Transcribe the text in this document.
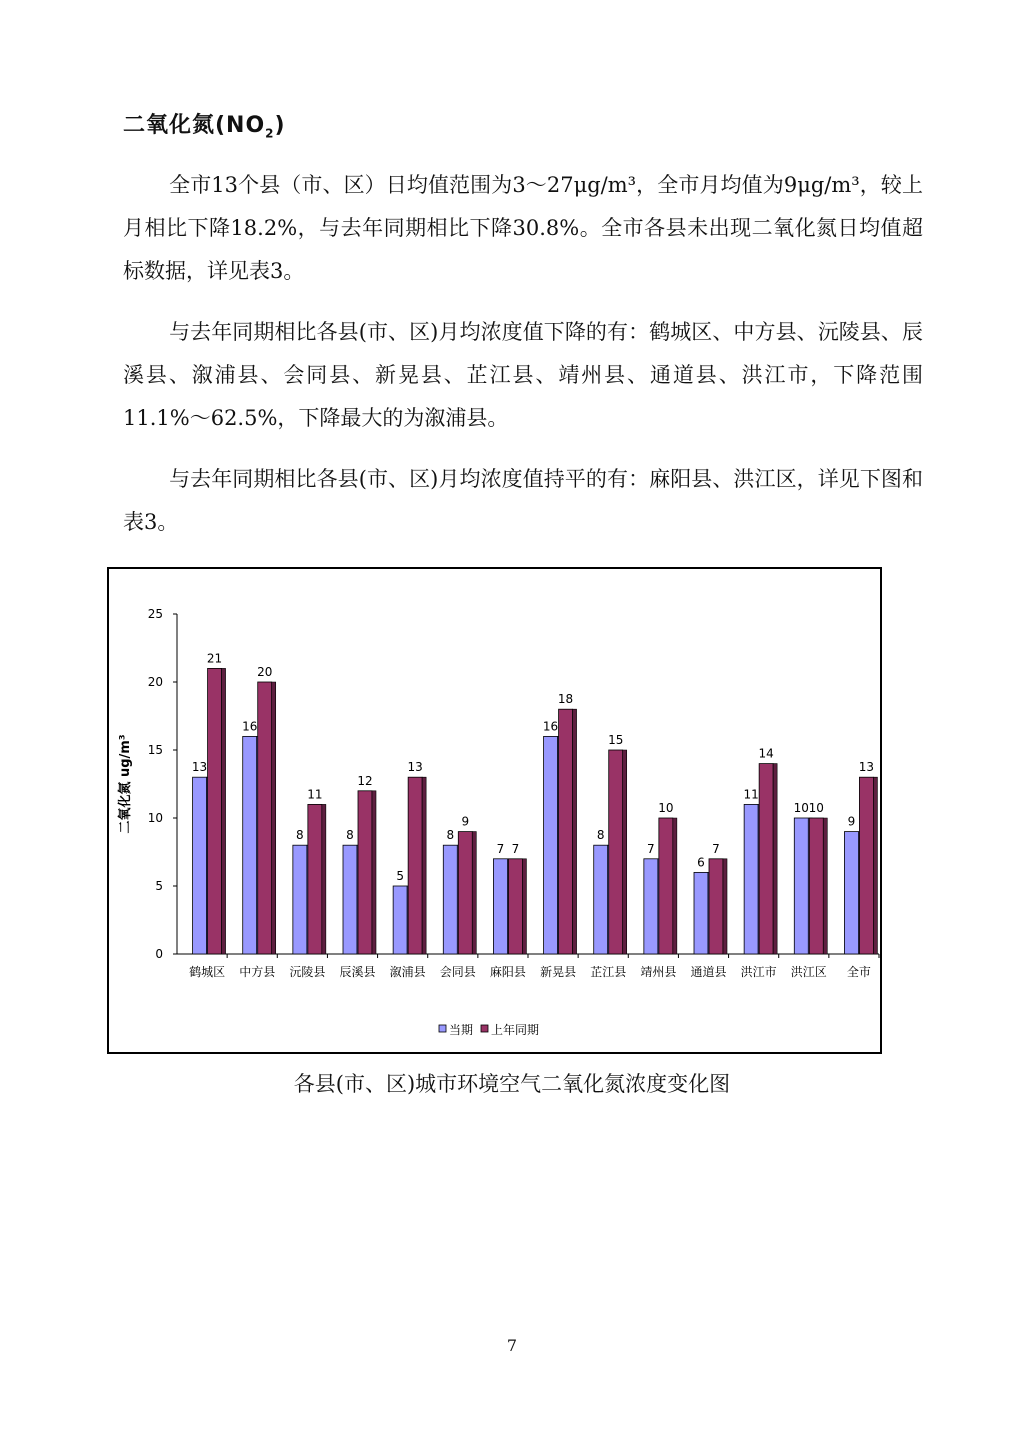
二氧化氮$(NO_2)$

全市13个县（市、区）日均值范围为3～27μg/m³，全市月均值为9μg/m³，较上月相比下降18.2%，与去年同期相比下降30.8%。全市各县未出现二氧化氮日均值超标数据，详见表3。

与去年同期相比各县(市、区)月均浓度值下降的有：鹤城区、中方县、沅陵县、辰溪县、溆浦县、会同县、新晃县、芷江县、靖州县、通道县、洪江市，下降范围11.1%～62.5%，下降最大的为溆浦县。

与去年同期相比各县(市、区)月均浓度值持平的有：麻阳县、洪江区，详见下图和表3。

0
5
10
15
20
25
二氧化氮 ug/m³	13
21
鹤城区
16
20
中方县
8
11
沅陵县
8
12
辰溪县
5
13
溆浦县
8
9
会同县
7 7
麻阳县
16
18
新晃县
8
15
芷江县
7
10
靖州县
6
7
通道县
11
14
洪江市
10 10
洪江区
9
13
全市
当期 上年同期
各县(市、区)城市环境空气二氧化氮浓度变化图
7
